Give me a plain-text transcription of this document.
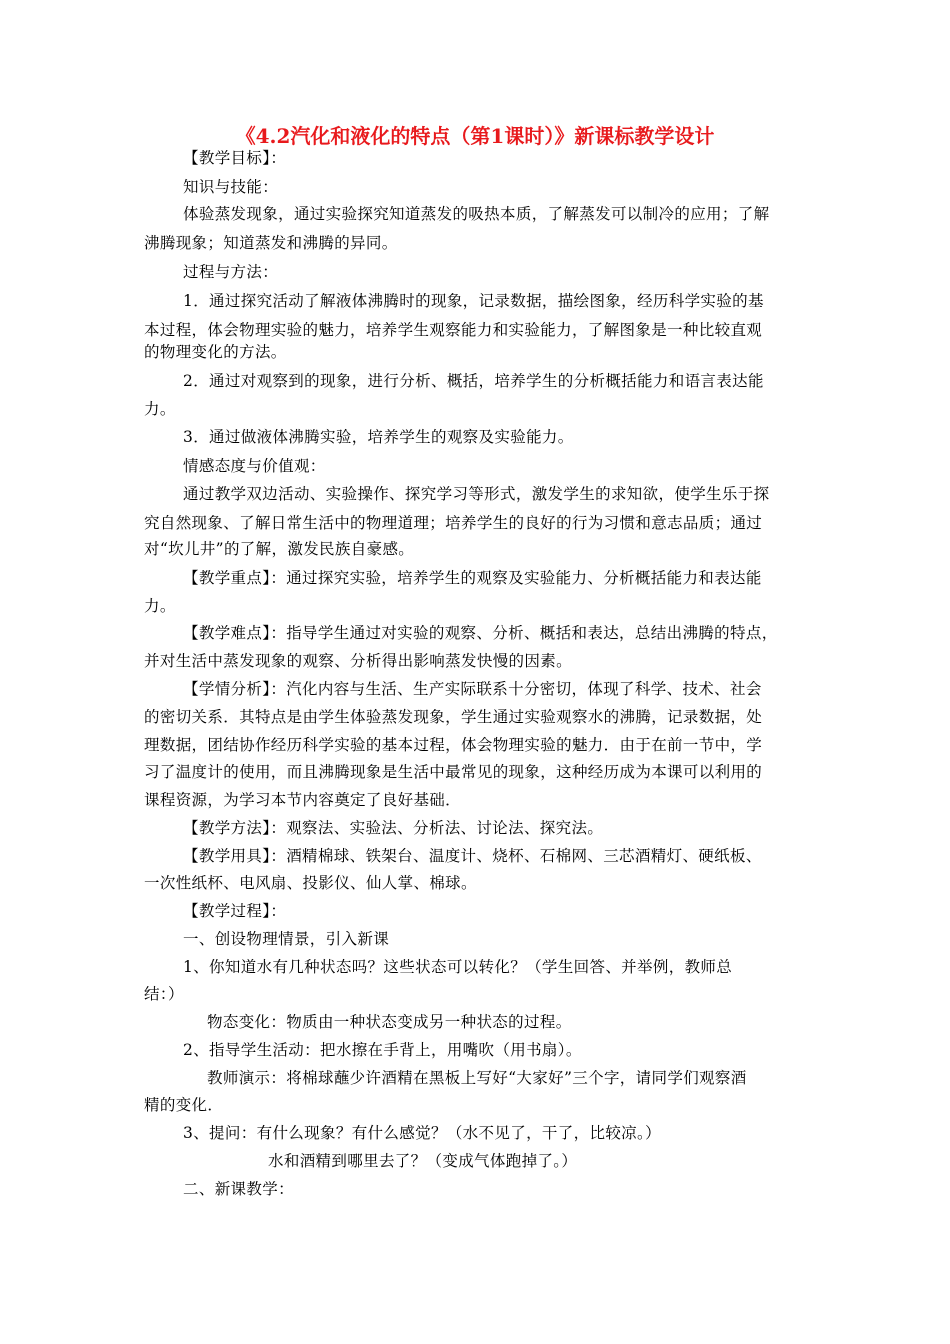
《4.2汽化和液化的特点（第1课时）》新课标教学设计
【教学目标】：
知识与技能：
体验蒸发现象，通过实验探究知道蒸发的吸热本质，了解蒸发可以制冷的应用；了解
沸腾现象；知道蒸发和沸腾的异同。
过程与方法：
1．通过探究活动了解液体沸腾时的现象，记录数据，描绘图象，经历科学实验的基
本过程，体会物理实验的魅力，培养学生观察能力和实验能力，了解图象是一种比较直观
的物理变化的方法。
2．通过对观察到的现象，进行分析、概括，培养学生的分析概括能力和语言表达能
力。
3．通过做液体沸腾实验，培养学生的观察及实验能力。
情感态度与价值观：
通过教学双边活动、实验操作、探究学习等形式，激发学生的求知欲，使学生乐于探
究自然现象、了解日常生活中的物理道理；培养学生的良好的行为习惯和意志品质；通过
对“坎儿井”的了解，激发民族自豪感。
【教学重点】：通过探究实验，培养学生的观察及实验能力、分析概括能力和表达能
力。
【教学难点】：指导学生通过对实验的观察、分析、概括和表达，总结出沸腾的特点，
并对生活中蒸发现象的观察、分析得出影响蒸发快慢的因素。
【学情分析】：汽化内容与生活、生产实际联系十分密切，体现了科学、技术、社会
的密切关系．其特点是由学生体验蒸发现象，学生通过实验观察水的沸腾，记录数据，处
理数据，团结协作经历科学实验的基本过程，体会物理实验的魅力．由于在前一节中，学
习了温度计的使用，而且沸腾现象是生活中最常见的现象，这种经历成为本课可以利用的
课程资源，为学习本节内容奠定了良好基础．
【教学方法】：观察法、实验法、分析法、讨论法、探究法。
【教学用具】：酒精棉球、铁架台、温度计、烧杯、石棉网、三芯酒精灯、硬纸板、
一次性纸杯、电风扇、投影仪、仙人掌、棉球。
【教学过程】：
一、创设物理情景，引入新课
1、你知道水有几种状态吗？这些状态可以转化？（学生回答、并举例，教师总
结：）
物态变化：物质由一种状态变成另一种状态的过程。
2、指导学生活动：把水擦在手背上，用嘴吹（用书扇）。
教师演示：将棉球蘸少许酒精在黑板上写好“大家好”三个字，请同学们观察酒
精的变化．
3、提问：有什么现象？有什么感觉？（水不见了，干了，比较凉。）
水和酒精到哪里去了？（变成气体跑掉了。）
二、新课教学：
